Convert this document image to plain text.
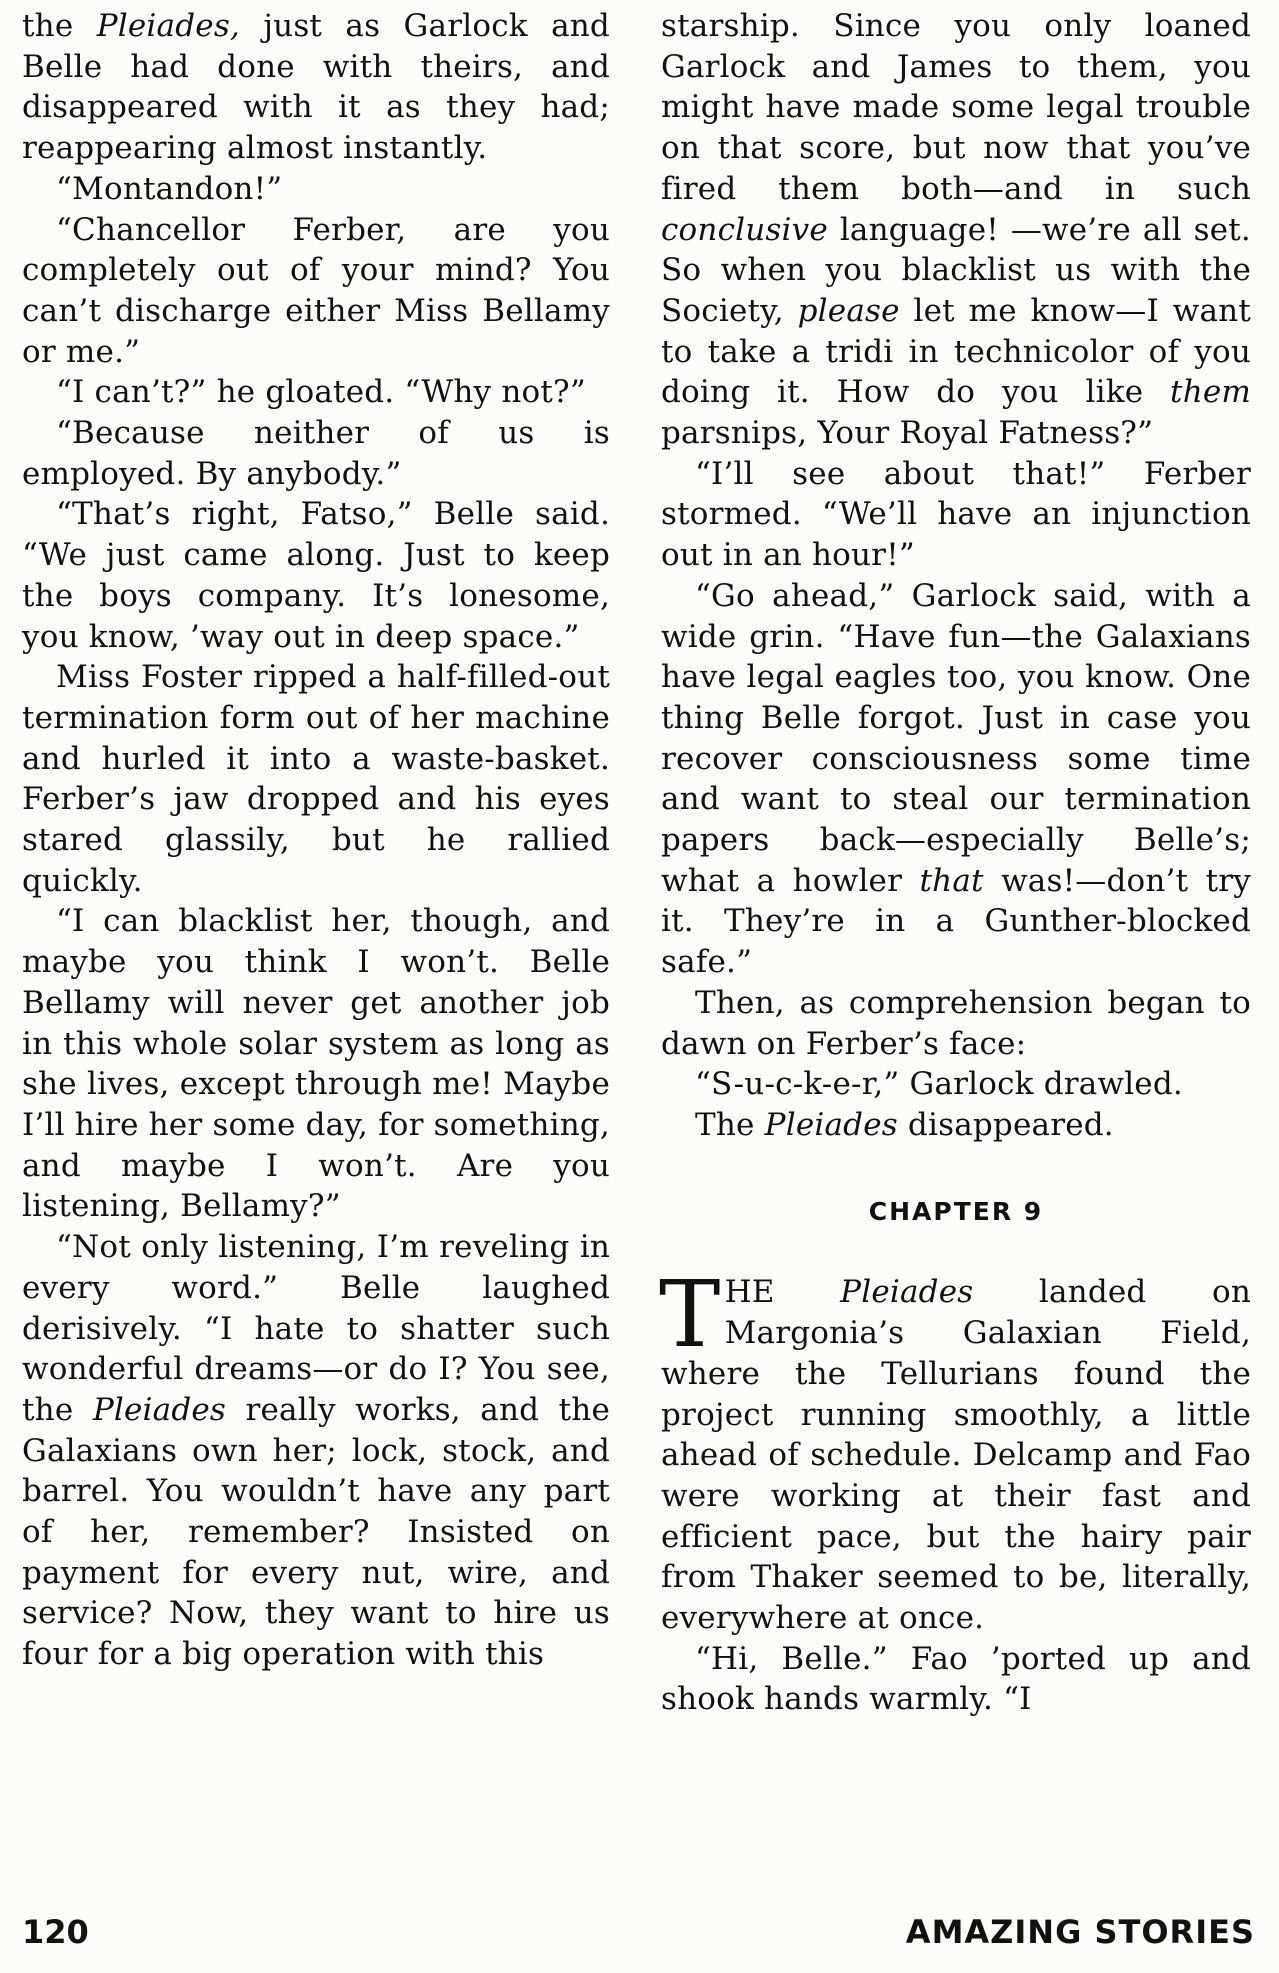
the Pleiades, just as Garlock and Belle had done with theirs, and disappeared with it as they had; reappearing almost instantly.

“Montandon!”

“Chancellor Ferber, are you completely out of your mind? You can’t discharge either Miss Bellamy or me.”

“I can’t?” he gloated. “Why not?”

“Because neither of us is employed. By anybody.”

“That’s right, Fatso,” Belle said. “We just came along. Just to keep the boys company. It’s lonesome, you know, ’way out in deep space.”

Miss Foster ripped a half-filled-out termination form out of her machine and hurled it into a waste-basket. Ferber’s jaw dropped and his eyes stared glassily, but he rallied quickly.

“I can blacklist her, though, and maybe you think I won’t. Belle Bellamy will never get another job in this whole solar system as long as she lives, except through me! Maybe I’ll hire her some day, for something, and maybe I won’t. Are you listening, Bellamy?”

“Not only listening, I’m reveling in every word.” Belle laughed derisively. “I hate to shatter such wonderful dreams—or do I? You see, the Pleiades really works, and the Galaxians own her; lock, stock, and barrel. You wouldn’t have any part of her, remember? Insisted on payment for every nut, wire, and service? Now, they want to hire us four for a big operation with this

starship. Since you only loaned Garlock and James to them, you might have made some legal trouble on that score, but now that you’ve fired them both—and in such conclusive language! —we’re all set. So when you blacklist us with the Society, please let me know—I want to take a tridi in technicolor of you doing it. How do you like them parsnips, Your Royal Fatness?”

“I’ll see about that!” Ferber stormed. “We’ll have an injunction out in an hour!”

“Go ahead,” Garlock said, with a wide grin. “Have fun—the Galaxians have legal eagles too, you know. One thing Belle forgot. Just in case you recover consciousness some time and want to steal our termination papers back—especially Belle’s; what a howler that was!—don’t try it. They’re in a Gunther-blocked safe.”

Then, as comprehension began to dawn on Ferber’s face:

“S-u-c-k-e-r,” Garlock drawled.

The Pleiades disappeared.

CHAPTER 9

THE Pleiades landed on Margonia’s Galaxian Field, where the Tellurians found the project running smoothly, a little ahead of schedule. Delcamp and Fao were working at their fast and efficient pace, but the hairy pair from Thaker seemed to be, literally, everywhere at once.

“Hi, Belle.” Fao ’ported up and shook hands warmly. “I

120	AMAZING STORIES
